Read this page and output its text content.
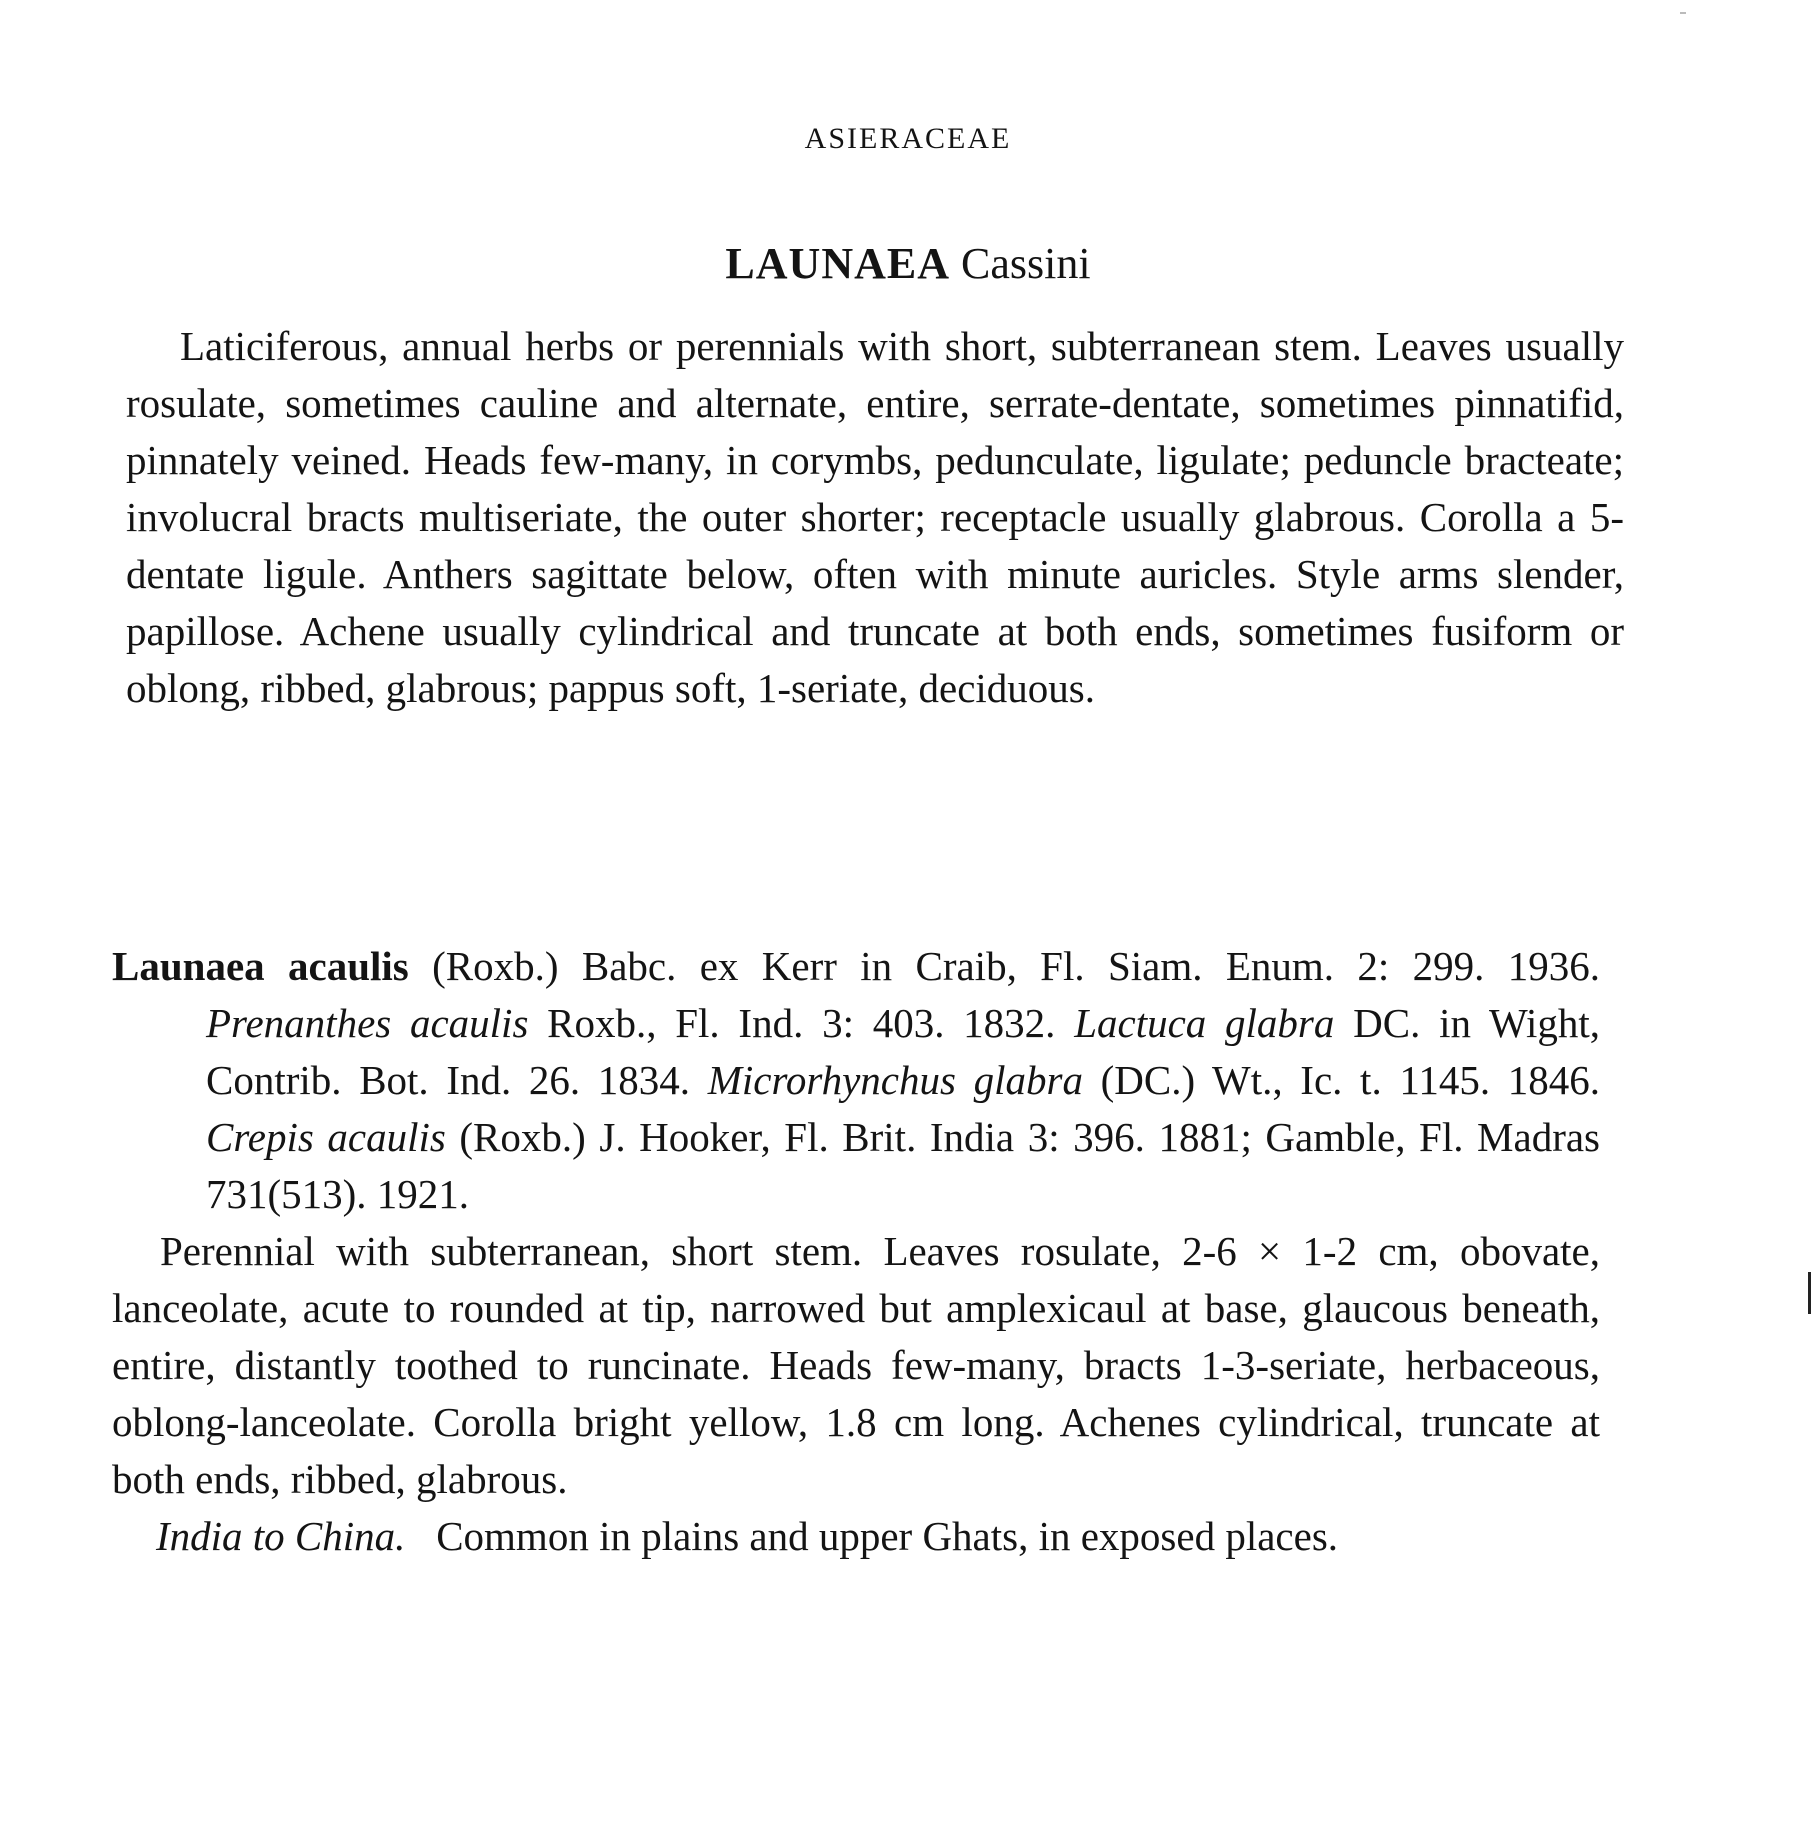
ASIERACEAE
LAUNAEA Cassini

Laticiferous, annual herbs or perennials with short, subterranean stem. Leaves usually rosulate, sometimes cauline and alternate, entire, serrate-dentate, sometimes pinnatifid, pinnately veined. Heads few-many, in corymbs, pedunculate, ligulate; peduncle bracteate; involucral bracts multiseriate, the outer shorter; receptacle usually glabrous. Corolla a 5-dentate ligule. Anthers sagittate below, often with minute auricles. Style arms slender, papillose. Achene usually cylindrical and truncate at both ends, sometimes fusiform or oblong, ribbed, glabrous; pappus soft, 1-seriate, deciduous.

Launaea acaulis (Roxb.) Babc. ex Kerr in Craib, Fl. Siam. Enum. 2: 299. 1936. Prenanthes acaulis Roxb., Fl. Ind. 3: 403. 1832. Lactuca glabra DC. in Wight, Contrib. Bot. Ind. 26. 1834. Microrhynchus glabra (DC.) Wt., Ic. t. 1145. 1846. Crepis acaulis (Roxb.) J. Hooker, Fl. Brit. India 3: 396. 1881; Gamble, Fl. Madras 731(513). 1921.

Perennial with subterranean, short stem. Leaves rosulate, 2-6 × 1-2 cm, obovate, lanceolate, acute to rounded at tip, narrowed but amplexicaul at base, glaucous beneath, entire, distantly toothed to runcinate. Heads few-many, bracts 1-3-seriate, herbaceous, oblong-lanceolate. Corolla bright yellow, 1.8 cm long. Achenes cylindrical, truncate at both ends, ribbed, glabrous.

India to China. Common in plains and upper Ghats, in exposed places.
